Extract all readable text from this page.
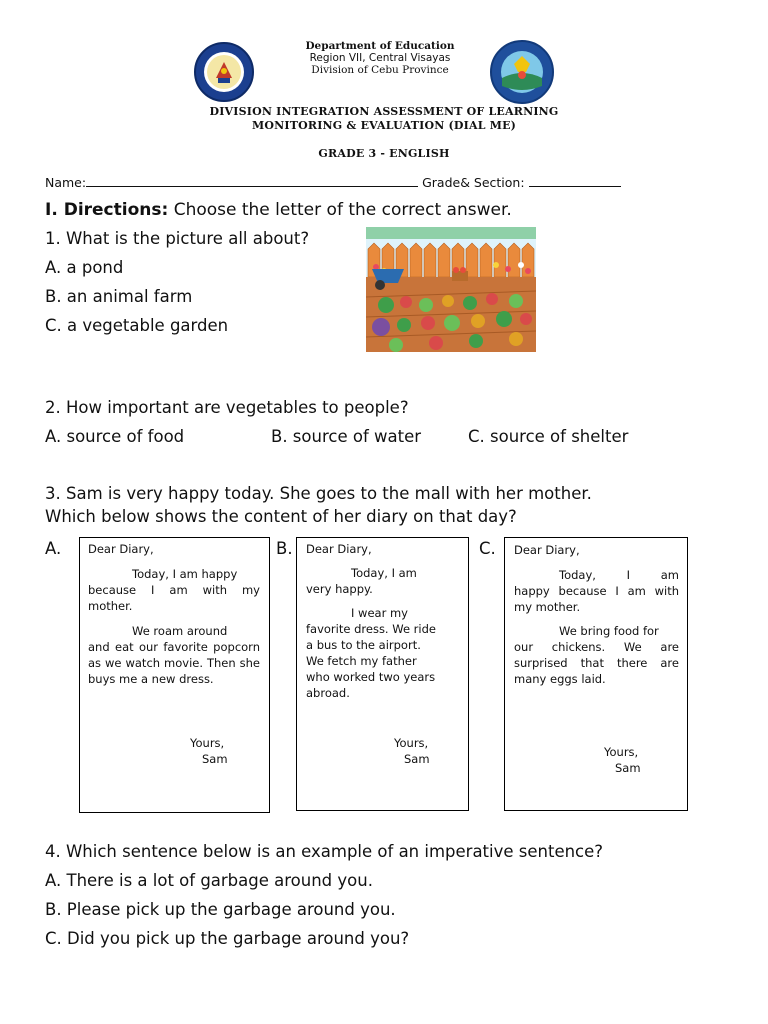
Department of Education
Region VII, Central Visayas
Division of Cebu Province
DIVISION INTEGRATION ASSESSMENT OF LEARNING
MONITORING & EVALUATION (DIAL ME)
GRADE 3 - ENGLISH
Name:	Grade& Section:
I. Directions: Choose the letter of the correct answer.
1. What is the picture all about?
A. a pond
B. an animal farm
C. a vegetable garden
2. How important are vegetables to people?
A. source of food	B. source of water	C. source of shelter
3. Sam is very happy today. She goes to the mall with her mother.
Which below shows the content of her diary on that day?
A.	B.	C.
Dear Diary,
Today, I am happy
because I am with my mother.
We roam around
and eat our favorite popcorn as we watch movie. Then she buys me a new dress.
Yours,
Sam
Dear Diary,
Today, I am
very happy.
I wear my
favorite dress. We ride
a bus to the airport.
We fetch my father
who worked two years
abroad.
Yours,
Sam
Dear Diary,
Today, I am
happy because I am with my mother.
We bring food for
our chickens. We are surprised that there are many eggs laid.
Yours,
Sam
4. Which sentence below is an example of an imperative sentence?
A. There is a lot of garbage around you.
B. Please pick up the garbage around you.
C. Did you pick up the garbage around you?
